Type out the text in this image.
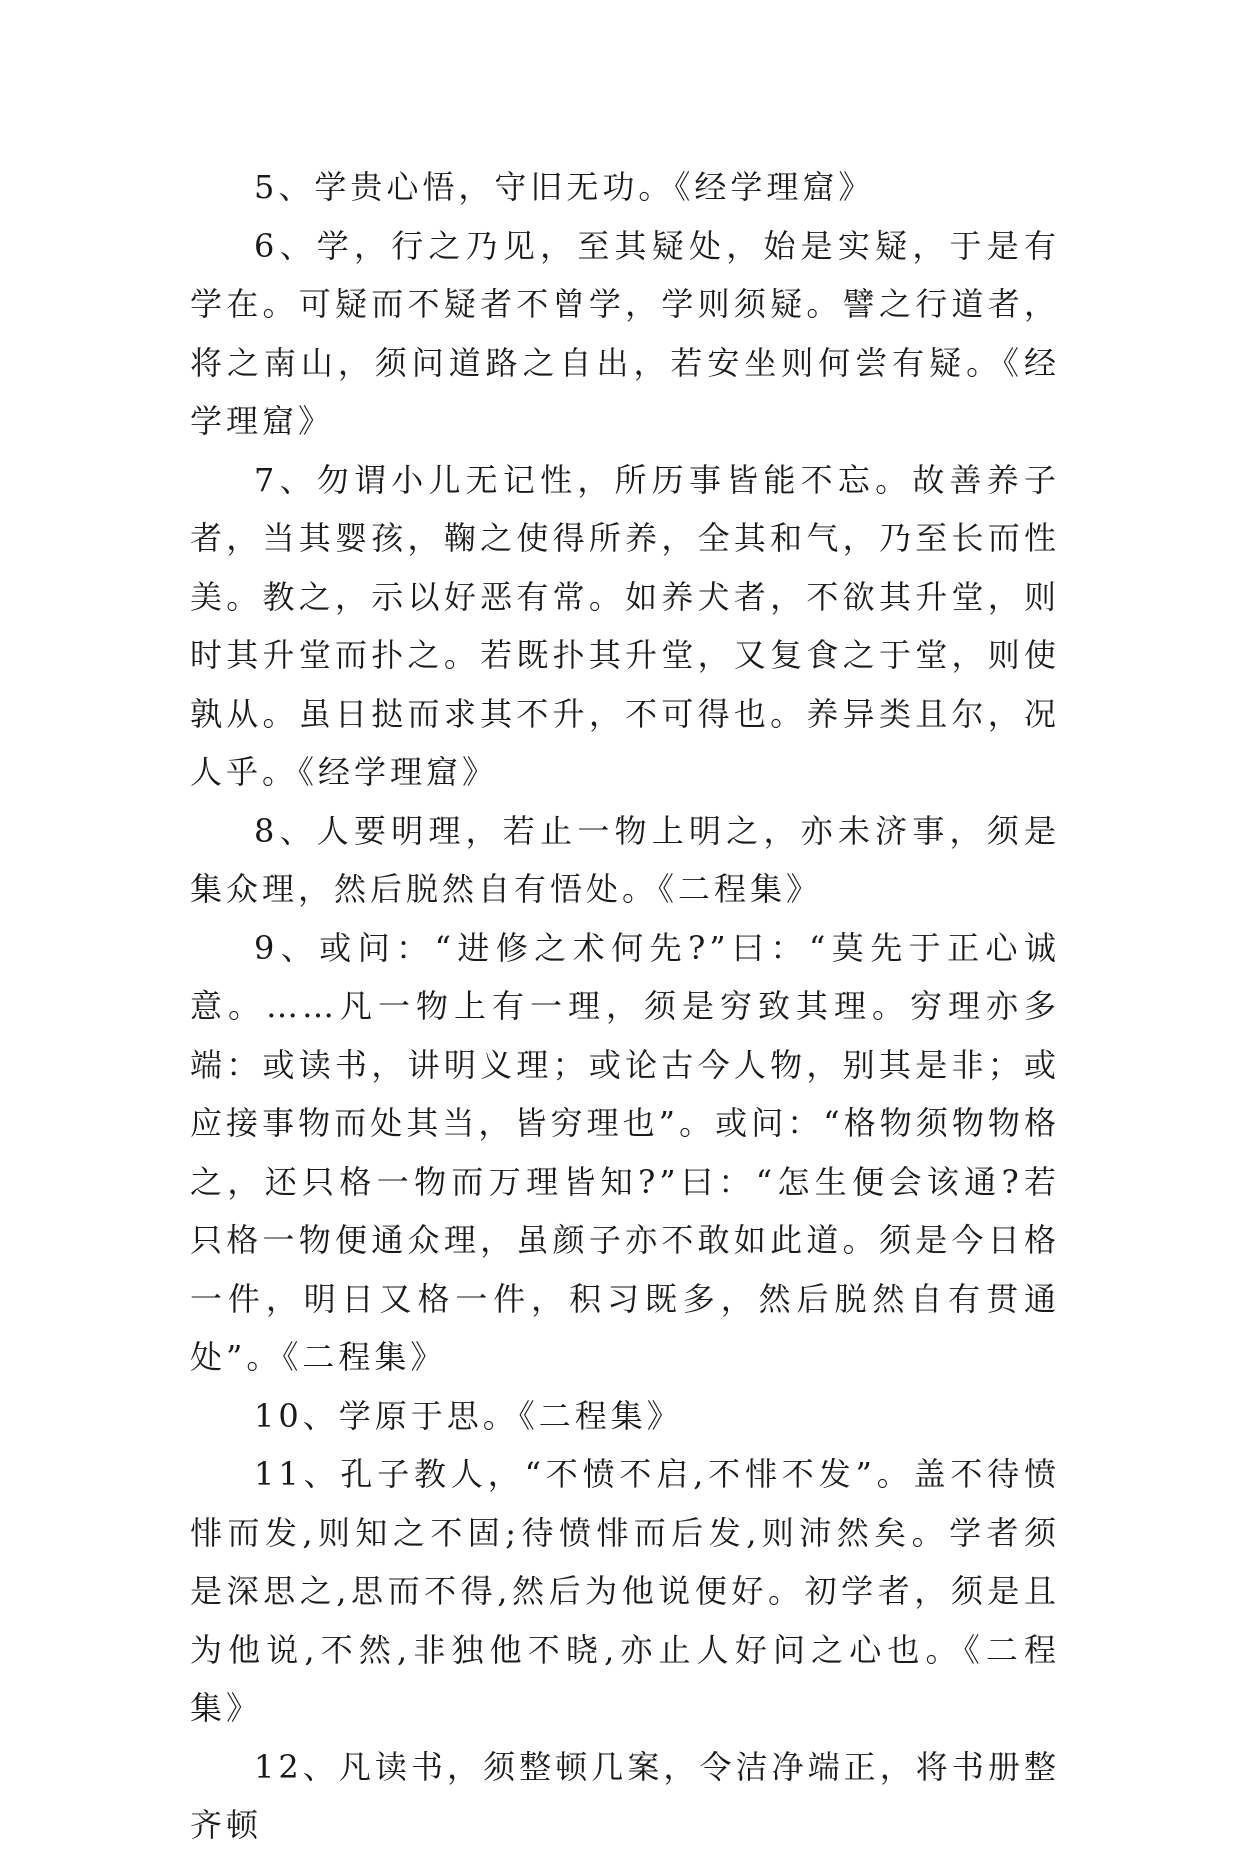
5、学贵心悟，守旧无功。《经学理窟》

6、学，行之乃见，至其疑处，始是实疑，于是有学在。可疑而不疑者不曾学，学则须疑。譬之行道者，将之南山，须问道路之自出，若安坐则何尝有疑。《经学理窟》

7、勿谓小儿无记性，所历事皆能不忘。故善养子者，当其婴孩，鞠之使得所养，全其和气，乃至长而性美。教之，示以好恶有常。如养犬者，不欲其升堂，则时其升堂而扑之。若既扑其升堂，又复食之于堂，则使孰从。虽日挞而求其不升，不可得也。养异类且尔，况人乎。《经学理窟》

8、人要明理，若止一物上明之，亦未济事，须是集众理，然后脱然自有悟处。《二程集》

9、或问：“进修之术何先?”曰：“莫先于正心诚意。……凡一物上有一理，须是穷致其理。穷理亦多端：或读书，讲明义理；或论古今人物，别其是非；或应接事物而处其当，皆穷理也”。或问：“格物须物物格之，还只格一物而万理皆知?”曰：“怎生便会该通?若只格一物便通众理，虽颜子亦不敢如此道。须是今日格一件，明日又格一件，积习既多，然后脱然自有贯通处”。《二程集》

10、学原于思。《二程集》

11、孔子教人，“不愤不启,不悱不发”。盖不待愤悱而发,则知之不固;待愤悱而后发,则沛然矣。学者须是深思之,思而不得,然后为他说便好。初学者，须是且为他说,不然,非独他不晓,亦止人好问之心也。《二程集》

12、凡读书，须整顿几案，令洁净端正，将书册整齐顿
